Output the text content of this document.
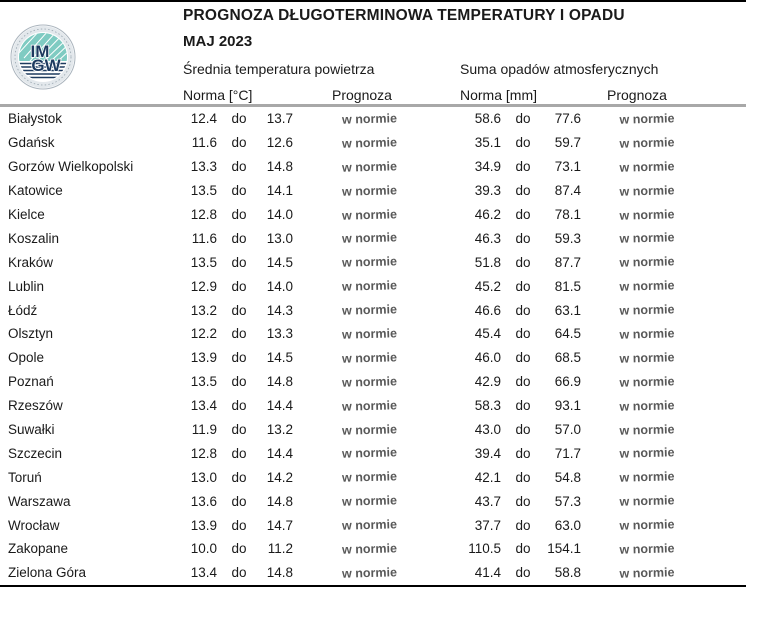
IM
GW
PROGNOZA DŁUGOTERMINOWA TEMPERATURY I OPADU
MAJ 2023
Średnia temperatura powietrza	Suma opadów atmosferycznych
Norma [°C]	Prognoza	Norma [mm]	Prognoza
Białystok	12.4	do	13.7	w normie	58.6	do	77.6	w normie
Gdańsk	11.6	do	12.6	w normie	35.1	do	59.7	w normie
Gorzów Wielkopolski	13.3	do	14.8	w normie	34.9	do	73.1	w normie
Katowice	13.5	do	14.1	w normie	39.3	do	87.4	w normie
Kielce	12.8	do	14.0	w normie	46.2	do	78.1	w normie
Koszalin	11.6	do	13.0	w normie	46.3	do	59.3	w normie
Kraków	13.5	do	14.5	w normie	51.8	do	87.7	w normie
Lublin	12.9	do	14.0	w normie	45.2	do	81.5	w normie
Łódź	13.2	do	14.3	w normie	46.6	do	63.1	w normie
Olsztyn	12.2	do	13.3	w normie	45.4	do	64.5	w normie
Opole	13.9	do	14.5	w normie	46.0	do	68.5	w normie
Poznań	13.5	do	14.8	w normie	42.9	do	66.9	w normie
Rzeszów	13.4	do	14.4	w normie	58.3	do	93.1	w normie
Suwałki	11.9	do	13.2	w normie	43.0	do	57.0	w normie
Szczecin	12.8	do	14.4	w normie	39.4	do	71.7	w normie
Toruń	13.0	do	14.2	w normie	42.1	do	54.8	w normie
Warszawa	13.6	do	14.8	w normie	43.7	do	57.3	w normie
Wrocław	13.9	do	14.7	w normie	37.7	do	63.0	w normie
Zakopane	10.0	do	11.2	w normie	110.5	do	154.1	w normie
Zielona Góra	13.4	do	14.8	w normie	41.4	do	58.8	w normie
